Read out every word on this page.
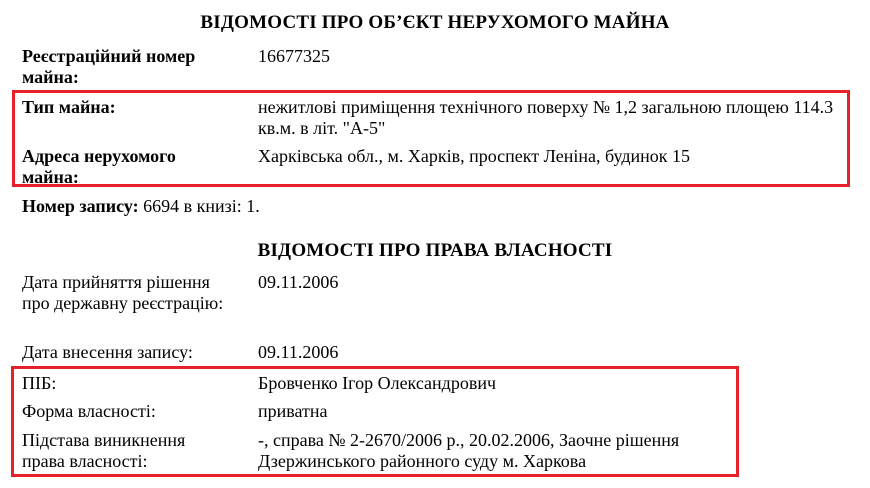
ВІДОМОСТІ ПРО ОБ’ЄКТ НЕРУХОМОГО МАЙНА
Реєстраційний номер майна:
16677325
Тип майна:	нежитлові приміщення технічного поверху № 1,2 загальною площею 114.3 кв.м. в літ. "А-5"
Адреса нерухомого майна:
Харківська обл., м. Харків, проспект Леніна, будинок 15
Номер запису: 6694 в книзі: 1.
ВІДОМОСТІ ПРО ПРАВА ВЛАСНОСТІ
Дата прийняття рішення про державну реєстрацію:
09.11.2006
Дата внесення запису:	09.11.2006
ПІБ:	Бровченко Ігор Олександрович
Форма власності:	приватна
Підстава виникнення права власності:
-, справа № 2-2670/2006 р., 20.02.2006, Заочне рішення Дзержинського районного суду м. Харкова
